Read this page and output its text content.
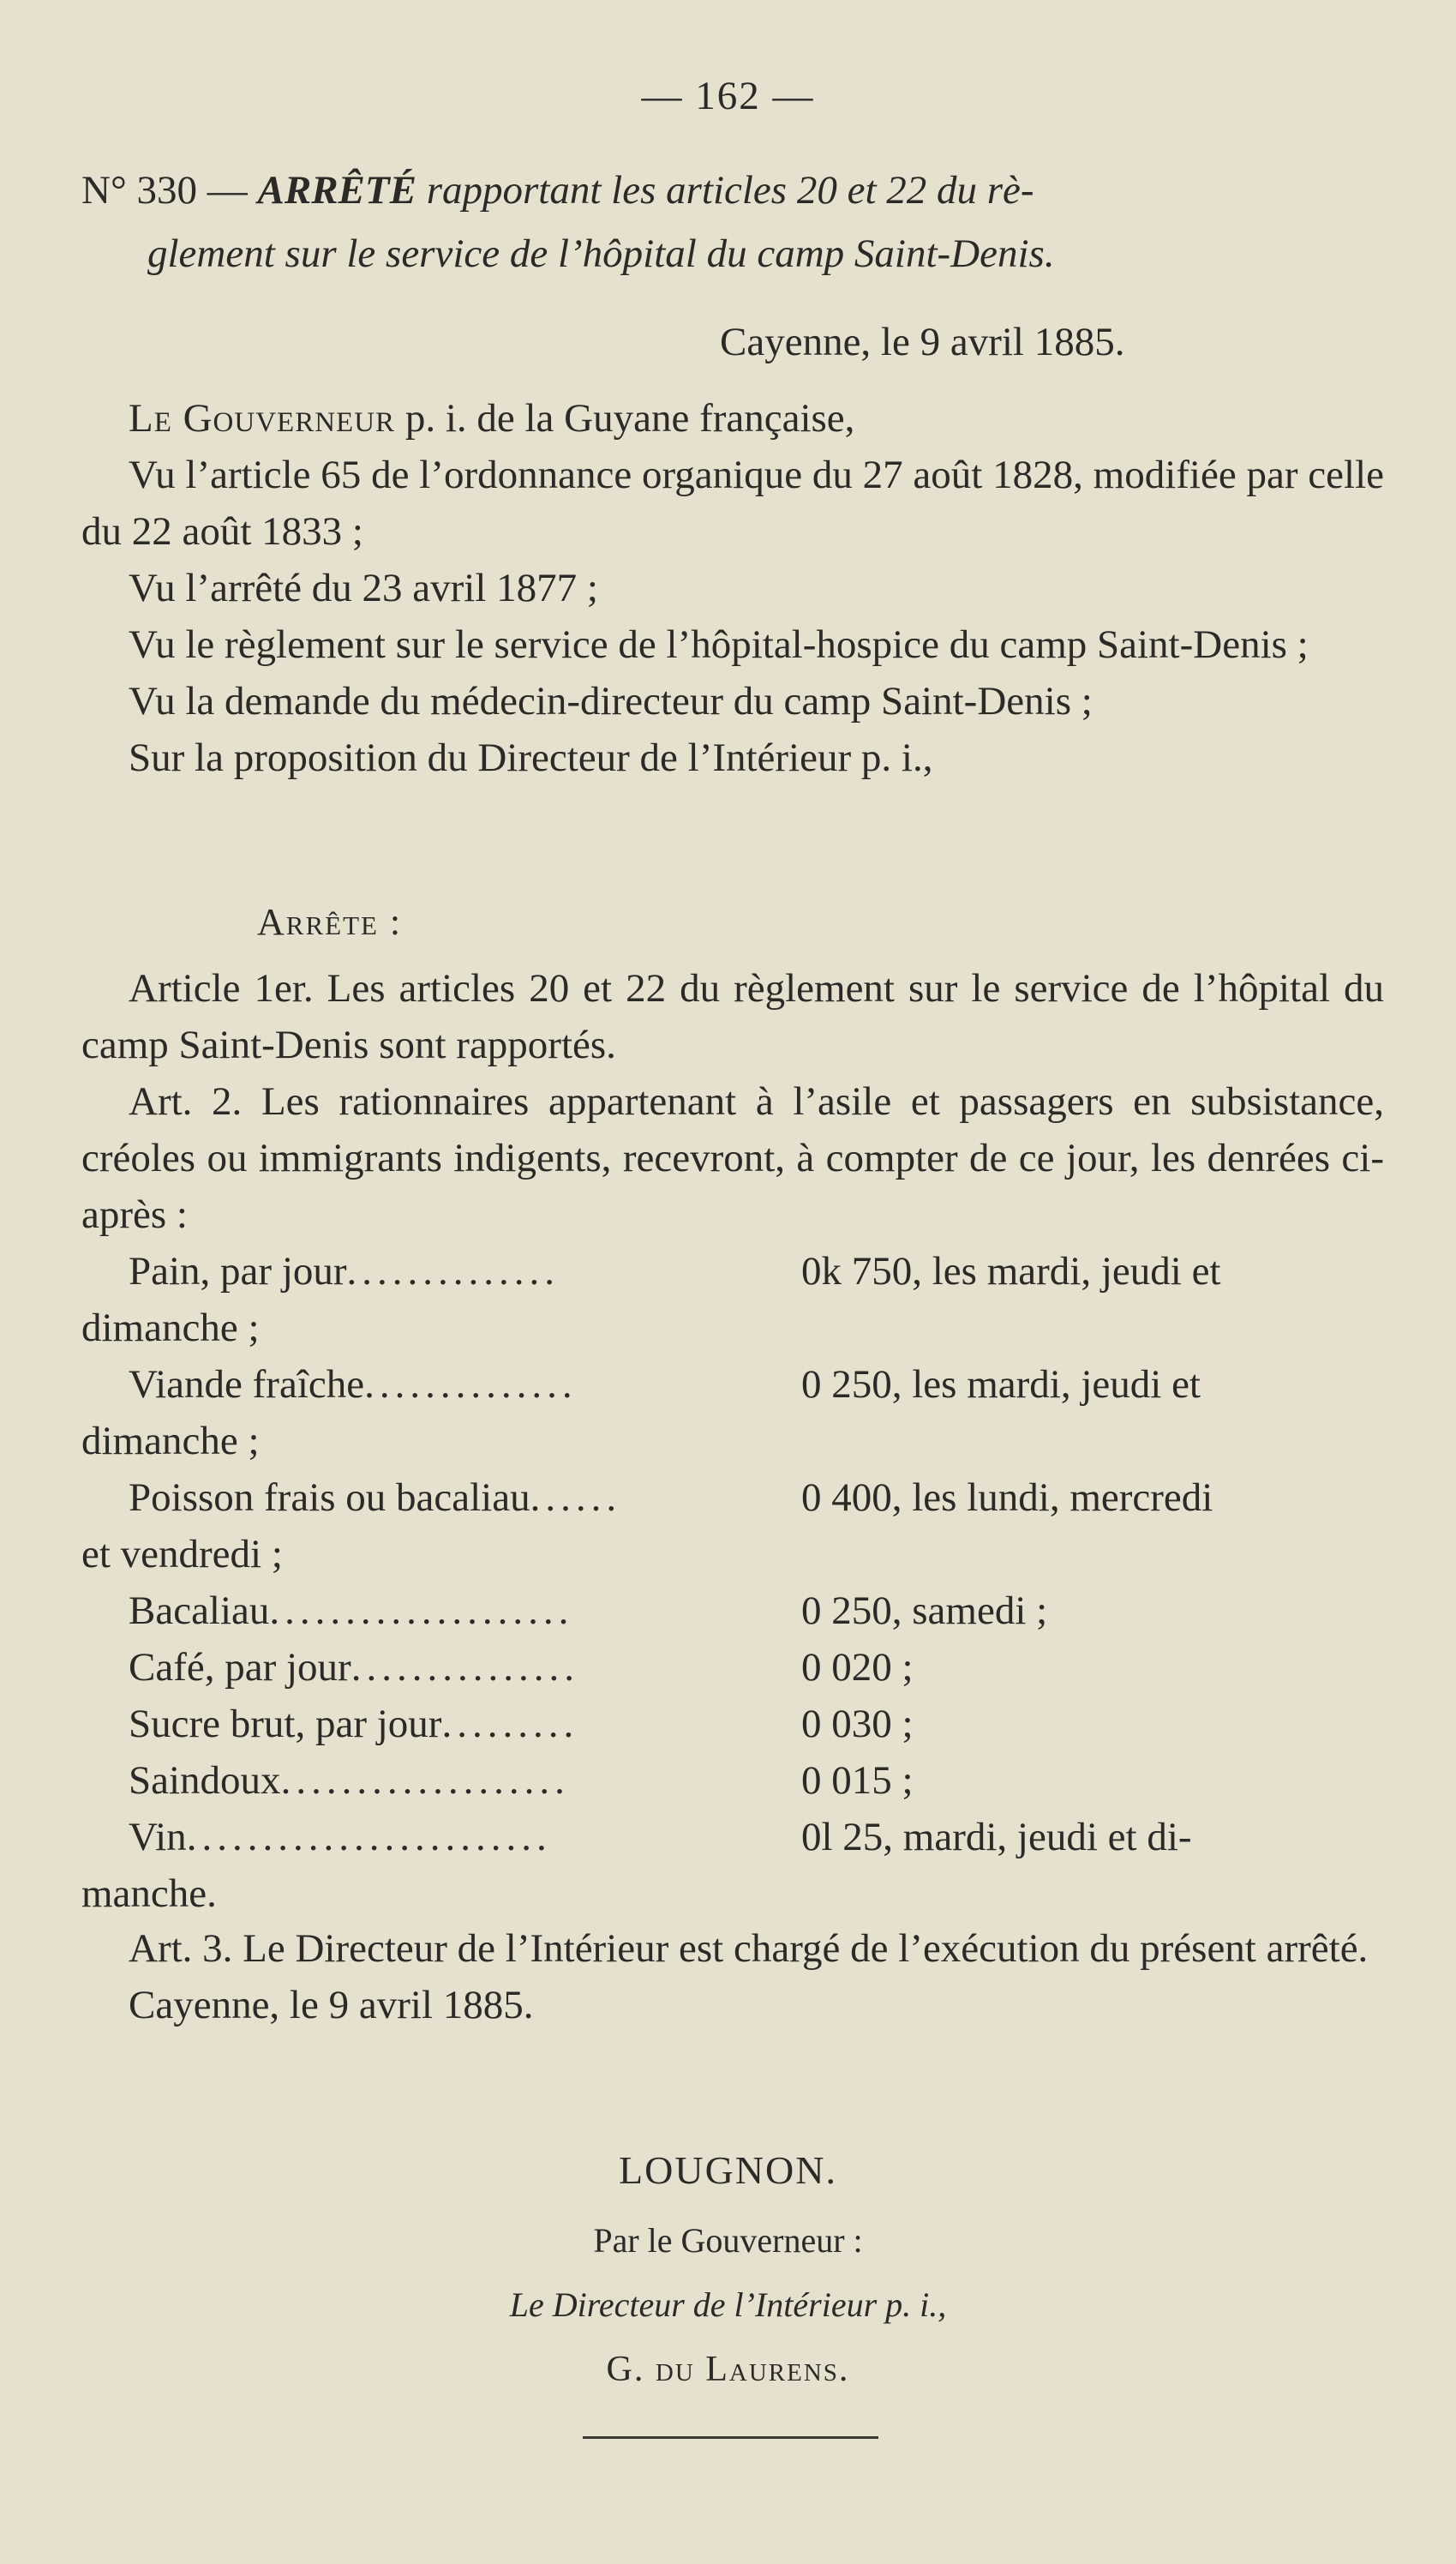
— 162 —
N° 330 — ARRÊTÉ rapportant les articles 20 et 22 du rè-
glement sur le service de l’hôpital du camp Saint-Denis.
Cayenne, le 9 avril 1885.

Le Gouverneur p. i. de la Guyane française,

Vu l’article 65 de l’ordonnance organique du 27 août 1828, modifiée par celle du 22 août 1833 ;

Vu l’arrêté du 23 avril 1877 ;

Vu le règlement sur le service de l’hôpital-hospice du camp Saint-Denis ;

Vu la demande du médecin-directeur du camp Saint-Denis ;

Sur la proposition du Directeur de l’Intérieur p. i.,

Arrête :

Article 1er. Les articles 20 et 22 du règlement sur le service de l’hôpital du camp Saint-Denis sont rapportés.

Art. 2. Les rationnaires appartenant à l’asile et passagers en subsistance, créoles ou immigrants indigents, recevront, à compter de ce jour, les denrées ci-après :

Pain, par jour..............	0k 750, les mardi, jeudi et
dimanche ;
Viande fraîche..............	0 250, les mardi, jeudi et
dimanche ;
Poisson frais ou bacaliau......	0 400, les lundi, mercredi
et vendredi ;
Bacaliau....................	0 250, samedi ;
Café, par jour...............	0 020 ;
Sucre brut, par jour.........	0 030 ;
Saindoux...................	0 015 ;
Vin........................	0l 25, mardi, jeudi et di-
manche.

Art. 3. Le Directeur de l’Intérieur est chargé de l’exécution du présent arrêté.

Cayenne, le 9 avril 1885.

LOUGNON.
Par le Gouverneur :
Le Directeur de l’Intérieur p. i.,
G. du Laurens.
